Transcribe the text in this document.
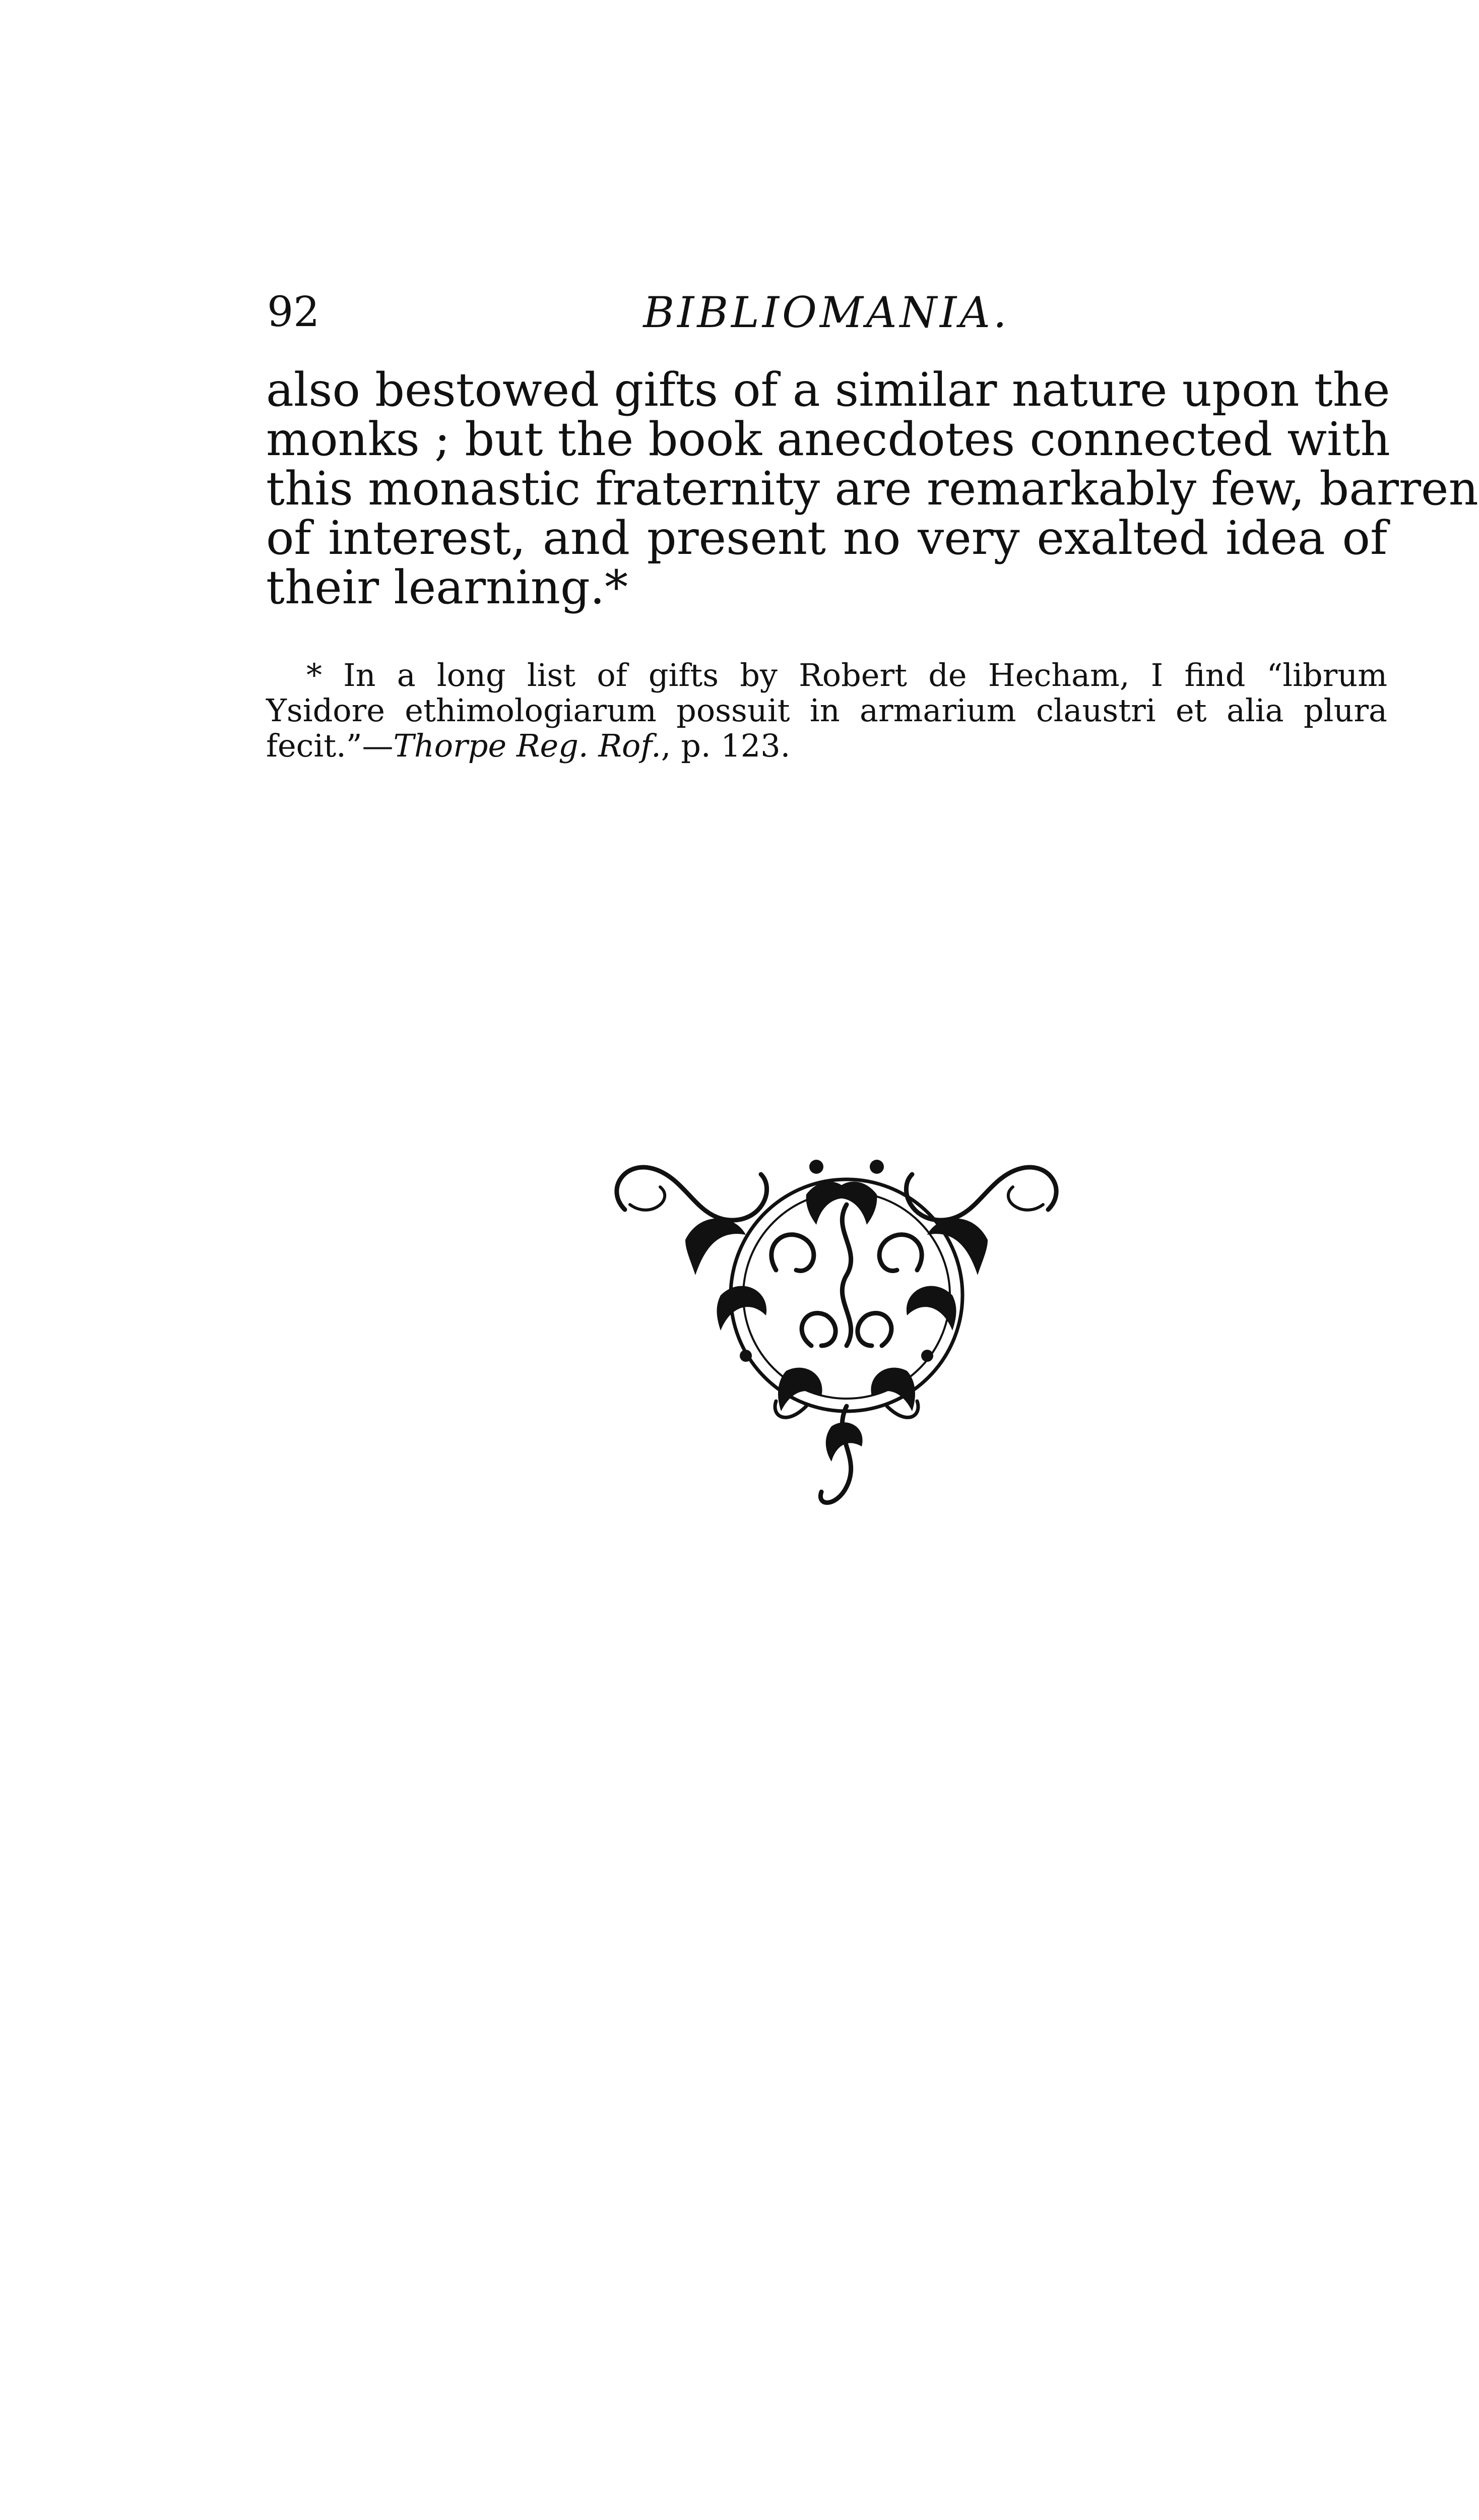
92	BIBLIOMANIA.
also bestowed gifts of a similar nature upon the
monks ; but the book anecdotes connected with
this monastic fraternity are remarkably few, barren
of interest, and present no very exalted idea of
their learning.*
* In a long list of gifts by Robert de Hecham, I find “librum
Ysidore ethimologiarum possuit in armarium claustri et alia plura
fecit.”—Thorpe Reg. Rof., p. 123.
